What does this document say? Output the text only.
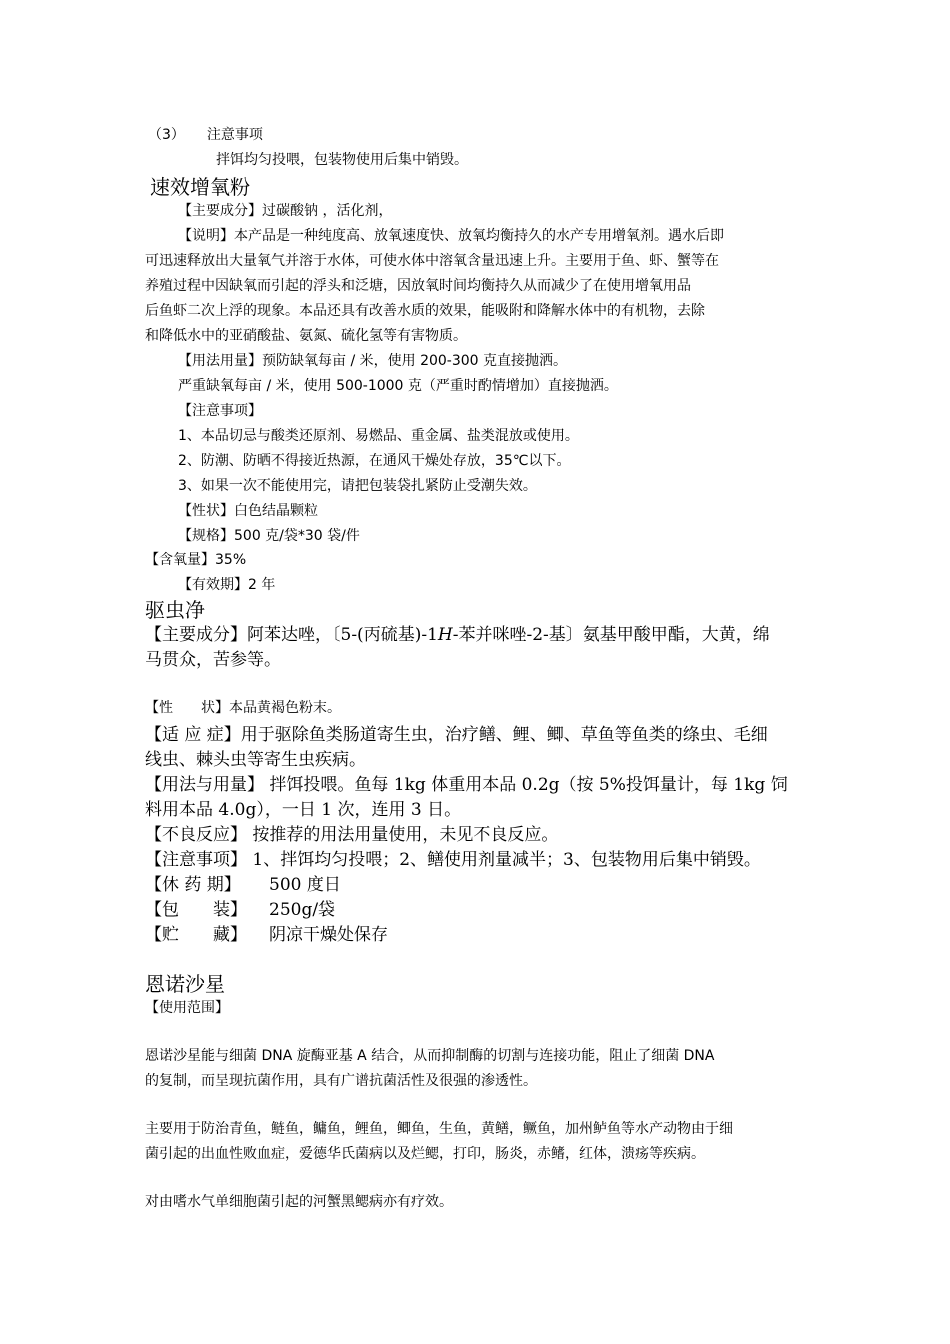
（3） 注意事项
拌饵均匀投喂，包装物使用后集中销毁。
速效增氧粉
【主要成分】过碳酸钠 ，活化剂，
【说明】本产品是一种纯度高、放氧速度快、放氧均衡持久的水产专用增氧剂。遇水后即
可迅速释放出大量氧气并溶于水体，可使水体中溶氧含量迅速上升。主要用于鱼、虾、蟹等在
养殖过程中因缺氧而引起的浮头和泛塘，因放氧时间均衡持久从而减少了在使用增氧用品
后鱼虾二次上浮的现象。本品还具有改善水质的效果，能吸附和降解水体中的有机物，去除
和降低水中的亚硝酸盐、氨氮、硫化氢等有害物质。
【用法用量】预防缺氧每亩 / 米，使用 200-300 克直接抛洒。
严重缺氧每亩 / 米，使用 500-1000 克（严重时酌情增加）直接抛洒。
【注意事项】
1、本品切忌与酸类还原剂、易燃品、重金属、盐类混放或使用。
2、防潮、防晒不得接近热源，在通风干燥处存放，35℃以下。
3、如果一次不能使用完，请把包装袋扎紧防止受潮失效。
【性状】白色结晶颗粒
【规格】500 克/袋*30 袋/件
【含氧量】35%
【有效期】2 年
驱虫净
【主要成分】阿苯达唑，〔5-(丙硫基)-1H-苯并咪唑-2-基〕氨基甲酸甲酯，大黄，绵
马贯众，苦参等。
【性　　状】本品黄褐色粉末。
【适 应 症】用于驱除鱼类肠道寄生虫，治疗鳝、鲤、鲫、草鱼等鱼类的绦虫、毛细
线虫、棘头虫等寄生虫疾病。
【用法与用量】 拌饵投喂。鱼每 1kg 体重用本品 0.2g（按 5%投饵量计，每 1kg 饲
料用本品 4.0g），一日 1 次，连用 3 日。
【不良反应】 按推荐的用法用量使用，未见不良反应。
【注意事项】 1、拌饵均匀投喂；2、鳝使用剂量减半；3、包装物用后集中销毁。
【休 药 期】 500 度日
【包　　装】 250g/袋
【贮　　藏】 阴凉干燥处保存
恩诺沙星
【使用范围】
恩诺沙星能与细菌 DNA 旋酶亚基 A 结合，从而抑制酶的切割与连接功能，阻止了细菌 DNA
的复制，而呈现抗菌作用，具有广谱抗菌活性及很强的渗透性。
主要用于防治青鱼，鲢鱼，鳙鱼，鲤鱼，鲫鱼，生鱼，黄鳝，鳜鱼，加州鲈鱼等水产动物由于细
菌引起的出血性败血症，爱德华氏菌病以及烂鳃，打印，肠炎，赤鳍，红体，溃疡等疾病。
对由嗜水气单细胞菌引起的河蟹黑鳃病亦有疗效。
